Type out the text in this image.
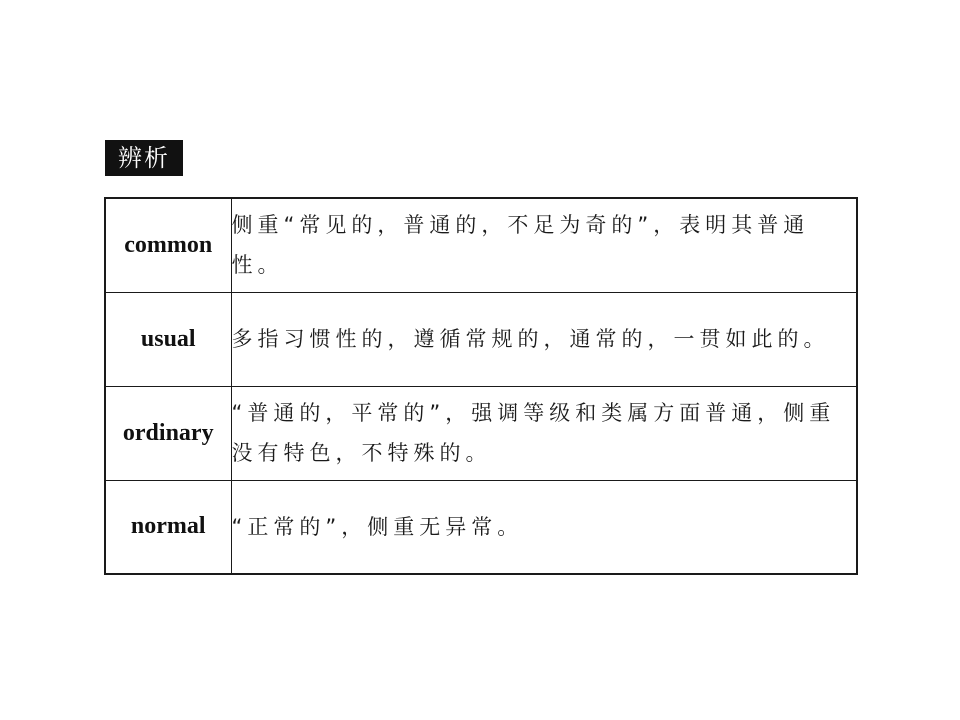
辨析
common	侧重“常见的，普通的，不足为奇的”，表明其普通性。
usual	多指习惯性的，遵循常规的，通常的，一贯如此的。
ordinary	“普通的，平常的”，强调等级和类属方面普通，侧重没有特色，不特殊的。
normal	“正常的”，侧重无异常。
